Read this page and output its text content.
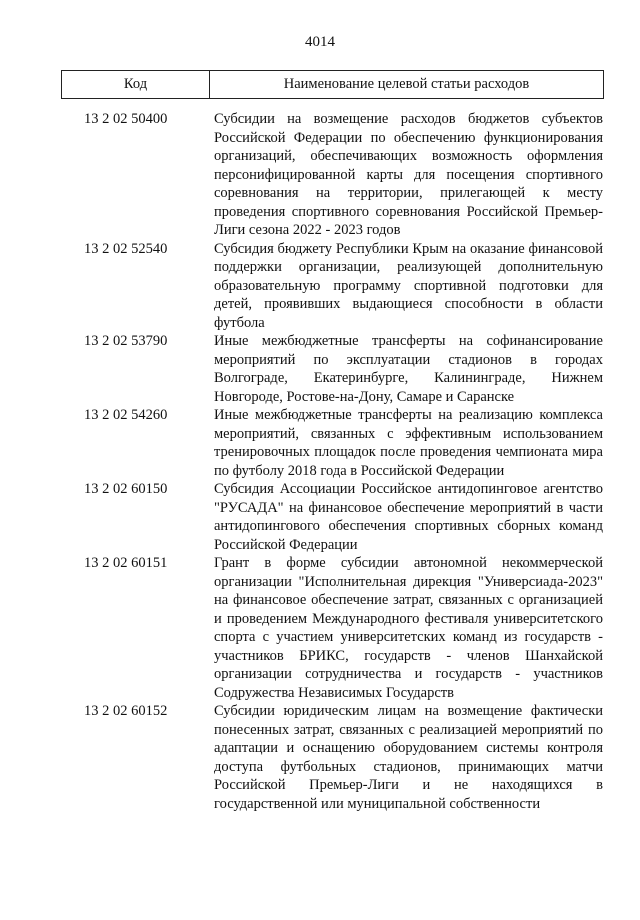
4014
Код	Наименование целевой статьи расходов
13 2 02 50400	Субсидии на возмещение расходов бюджетов субъектов Российской Федерации по обеспечению функционирования организаций, обеспечивающих возможность оформления персонифицированной карты для посещения спортивного соревнования на территории, прилегающей к месту проведения спортивного соревнования Российской Премьер-Лиги сезона 2022 - 2023 годов
13 2 02 52540	Субсидия бюджету Республики Крым на оказание финансовой поддержки организации, реализующей дополнительную образовательную программу спортивной подготовки для детей, проявивших выдающиеся способности в области футбола
13 2 02 53790	Иные межбюджетные трансферты на софинансирование мероприятий по эксплуатации стадионов в городах Волгограде, Екатеринбурге, Калининграде, Нижнем Новгороде, Ростове-на-Дону, Самаре и Саранске
13 2 02 54260	Иные межбюджетные трансферты на реализацию комплекса мероприятий, связанных с эффективным использованием тренировочных площадок после проведения чемпионата мира по футболу 2018 года в Российской Федерации
13 2 02 60150	Субсидия Ассоциации Российское антидопинговое агентство "РУСАДА" на финансовое обеспечение мероприятий в части антидопингового обеспечения спортивных сборных команд Российской Федерации
13 2 02 60151	Грант в форме субсидии автономной некоммерческой организации "Исполнительная дирекция "Универсиада-2023" на финансовое обеспечение затрат, связанных с организацией и проведением Международного фестиваля университетского спорта с участием университетских команд из государств - участников БРИКС, государств - членов Шанхайской организации сотрудничества и государств - участников Содружества Независимых Государств
13 2 02 60152	Субсидии юридическим лицам на возмещение фактически понесенных затрат, связанных с реализацией мероприятий по адаптации и оснащению оборудованием системы контроля доступа футбольных стадионов, принимающих матчи Российской Премьер-Лиги и не находящихся в государственной или муниципальной собственности
